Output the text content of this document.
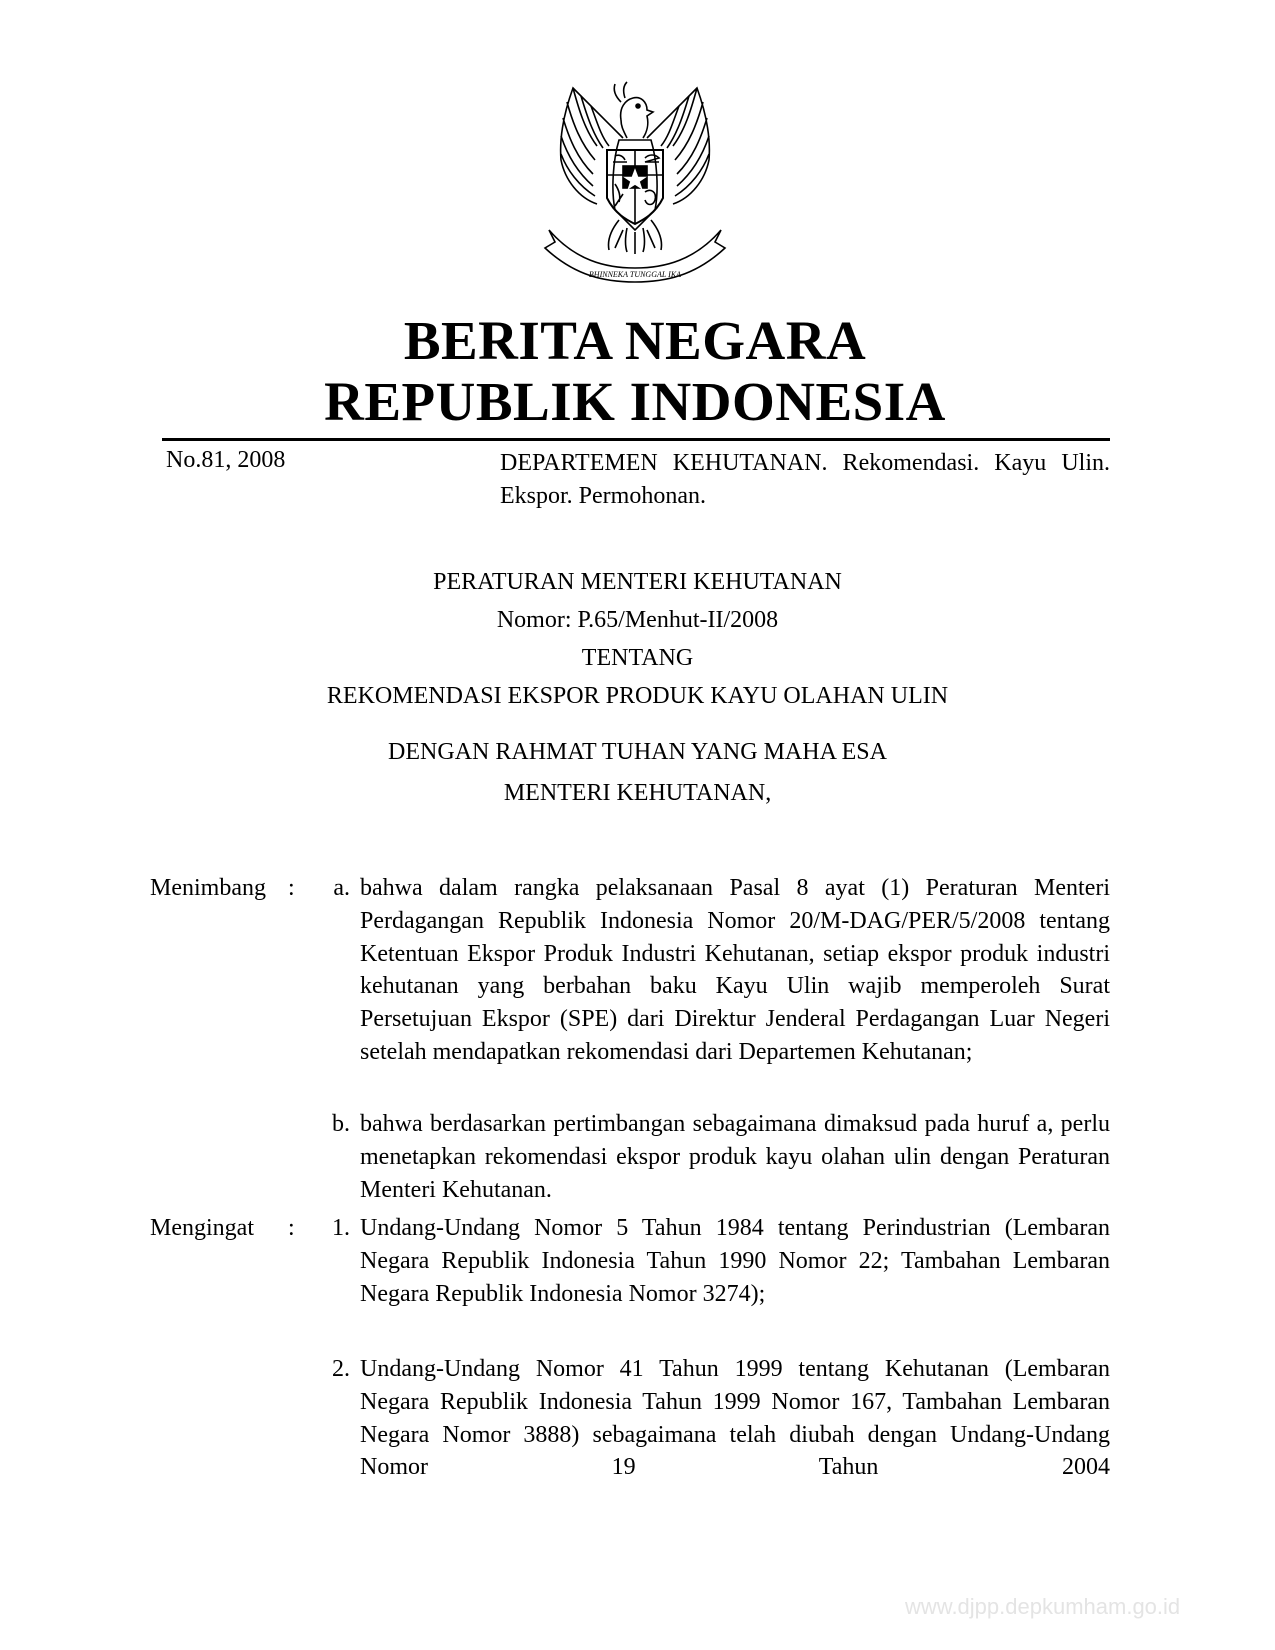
BHINNEKA TUNGGAL IKA
BERITA NEGARA
REPUBLIK INDONESIA
No.81, 2008	DEPARTEMEN KEHUTANAN. Rekomendasi. Kayu Ulin. Ekspor. Permohonan.
PERATURAN MENTERI KEHUTANAN
Nomor: P.65/Menhut-II/2008
TENTANG
REKOMENDASI EKSPOR PRODUK KAYU OLAHAN ULIN
DENGAN RAHMAT TUHAN YANG MAHA ESA
MENTERI KEHUTANAN,
Menimbang :	a. bahwa dalam rangka pelaksanaan Pasal 8 ayat (1) Peraturan Menteri Perdagangan Republik Indonesia Nomor 20/M-DAG/PER/5/2008 tentang Ketentuan Ekspor Produk Industri Kehutanan, setiap ekspor produk industri kehutanan yang berbahan baku Kayu Ulin wajib memperoleh Surat Persetujuan Ekspor (SPE) dari Direktur Jenderal Perdagangan Luar Negeri setelah mendapatkan rekomendasi dari Departemen Kehutanan;
b. bahwa berdasarkan pertimbangan sebagaimana dimaksud pada huruf a, perlu menetapkan rekomendasi ekspor produk kayu olahan ulin dengan Peraturan Menteri Kehutanan.
Mengingat	:	1. Undang-Undang Nomor 5 Tahun 1984 tentang Perindustrian (Lembaran Negara Republik Indonesia Tahun 1990 Nomor 22; Tambahan Lembaran Negara Republik Indonesia Nomor 3274);
2. Undang-Undang Nomor 41 Tahun 1999 tentang Kehutanan (Lembaran Negara Republik Indonesia Tahun 1999 Nomor 167, Tambahan Lembaran Negara Nomor 3888) sebagaimana telah diubah dengan Undang-Undang Nomor 19 Tahun 2004
www.djpp.depkumham.go.id
